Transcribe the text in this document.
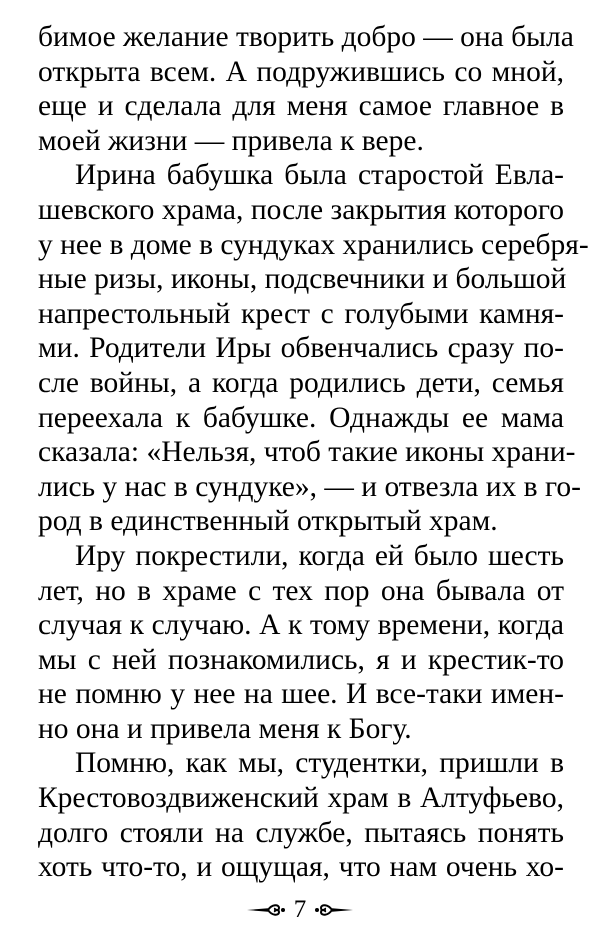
бимое желание творить добро — она была
открыта всем. А подружившись со мной,
еще и сделала для меня самое главное в
моей жизни — привела к вере.
Ирина бабушка была старостой Евла-
шевского храма, после закрытия которого
у нее в доме в сундуках хранились серебря-
ные ризы, иконы, подсвечники и большой
напрестольный крест с голубыми камня-
ми. Родители Иры обвенчались сразу по-
сле войны, а когда родились дети, семья
переехала к бабушке. Однажды ее мама
сказала: «Нельзя, чтоб такие иконы храни-
лись у нас в сундуке», — и отвезла их в го-
род в единственный открытый храм.
Иру покрестили, когда ей было шесть
лет, но в храме с тех пор она бывала от
случая к случаю. А к тому времени, когда
мы с ней познакомились, я и крестик-то
не помню у нее на шее. И все-таки имен-
но она и привела меня к Богу.
Помню, как мы, студентки, пришли в
Крестовоздвиженский храм в Алтуфьево,
долго стояли на службе, пытаясь понять
хоть что-то, и ощущая, что нам очень хо-
7
